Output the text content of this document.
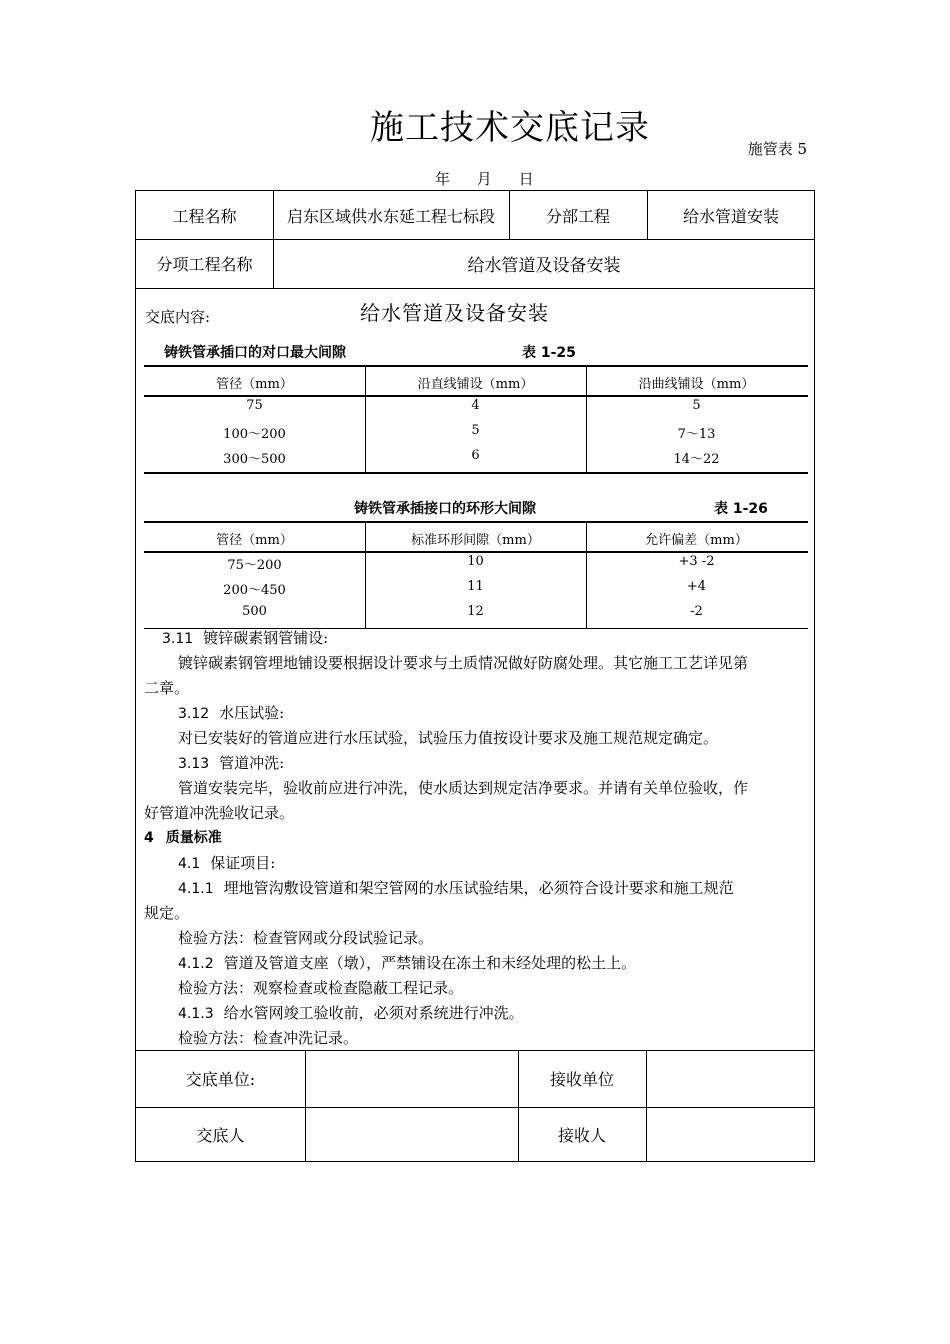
施工技术交底记录
施管表 5
年 月 日
工程名称	启东区域供水东延工程七标段	分部工程	给水管道安装
分项工程名称	给水管道及设备安装
交底内容:	给水管道及设备安装
铸铁管承插口的对口最大间隙	表 1-25
管径（mm）	沿直线铺设（mm）	沿曲线铺设（mm）
75	4	5
100～200	5	7～13
300～500	6	14～22
铸铁管承插接口的环形大间隙	表 1-26
管径（mm）	标准环形间隙（mm）	允许偏差（mm）
75～200	10	+3 -2
200～450	11	+4
500	12	-2
3.11 镀锌碳素钢管铺设:
镀锌碳素钢管埋地铺设要根据设计要求与土质情况做好防腐处理。其它施工工艺详见第
二章。
3.12 水压试验:
对已安装好的管道应进行水压试验，试验压力值按设计要求及施工规范规定确定。
3.13 管道冲洗:
管道安装完毕，验收前应进行冲洗，使水质达到规定洁净要求。并请有关单位验收，作
好管道冲洗验收记录。
4 质量标准
4.1 保证项目:
4.1.1 埋地管沟敷设管道和架空管网的水压试验结果，必须符合设计要求和施工规范
规定。
检验方法：检查管网或分段试验记录。
4.1.2 管道及管道支座（墩），严禁铺设在冻土和未经处理的松土上。
检验方法：观察检查或检查隐蔽工程记录。
4.1.3 给水管网竣工验收前，必须对系统进行冲洗。
检验方法：检查冲洗记录。
交底单位:	接收单位
交底人	接收人
